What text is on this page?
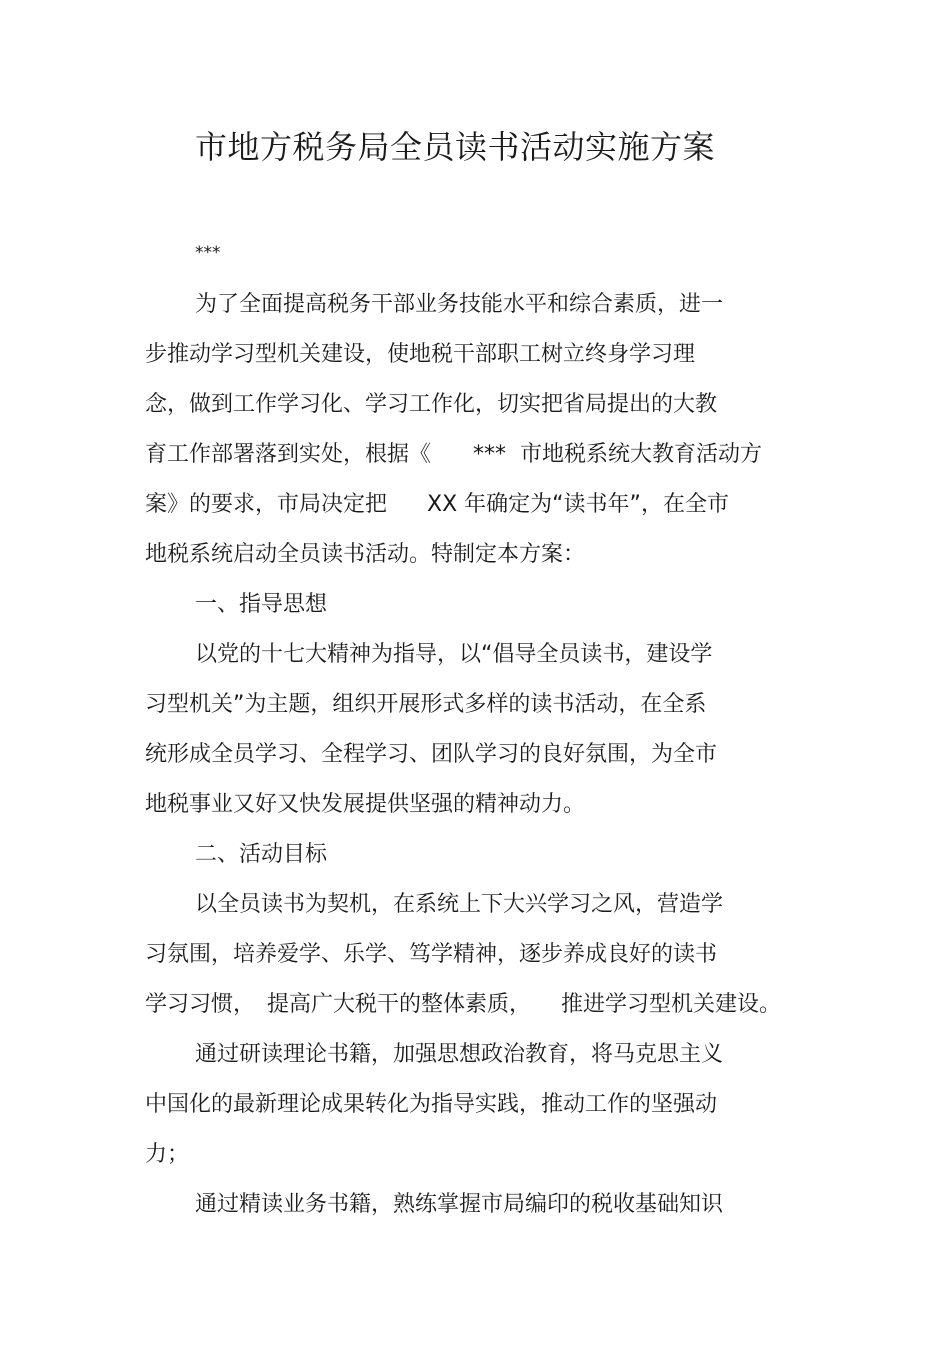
市地方税务局全员读书活动实施方案

***

为了全面提高税务干部业务技能水平和综合素质，进一

步推动学习型机关建设，使地税干部职工树立终身学习理

念，做到工作学习化、学习工作化，切实把省局提出的大教

育工作部署落到实处，根据《 *** 市地税系统大教育活动方

案》的要求，市局决定把 XX 年确定为“读书年”，在全市

地税系统启动全员读书活动。特制定本方案：

一、指导思想

以党的十七大精神为指导，以“倡导全员读书，建设学

习型机关”为主题，组织开展形式多样的读书活动，在全系

统形成全员学习、全程学习、团队学习的良好氛围，为全市

地税事业又好又快发展提供坚强的精神动力。

二、活动目标

以全员读书为契机，在系统上下大兴学习之风，营造学

习氛围，培养爱学、乐学、笃学精神，逐步养成良好的读书

学习习惯， 提高广大税干的整体素质， 推进学习型机关建设。

通过研读理论书籍，加强思想政治教育，将马克思主义

中国化的最新理论成果转化为指导实践，推动工作的坚强动

力；

通过精读业务书籍，熟练掌握市局编印的税收基础知识
